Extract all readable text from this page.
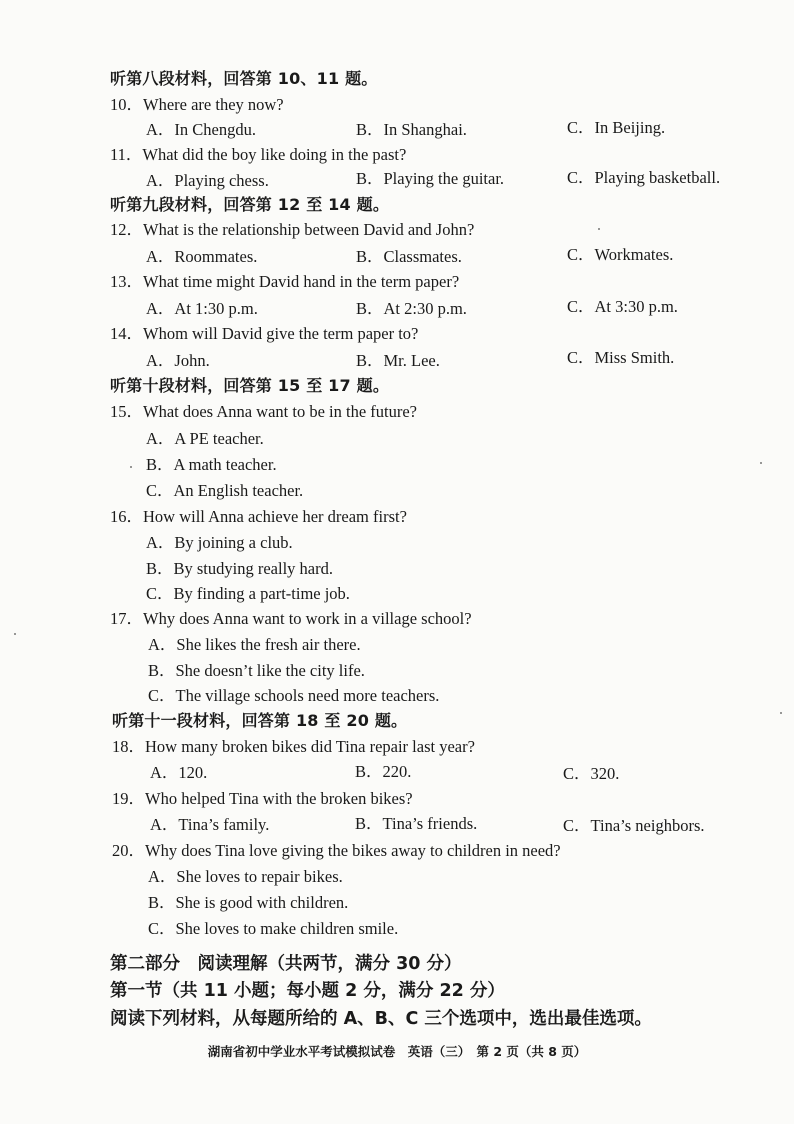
听第八段材料，回答第 10、11 题。
10．Where are they now?
A．In Chengdu.	B．In Shanghai.	C．In Beijing.
11．What did the boy like doing in the past?
A．Playing chess.	B．Playing the guitar.	C．Playing basketball.
听第九段材料，回答第 12 至 14 题。
12．What is the relationship between David and John?
A．Roommates.	B．Classmates.	C．Workmates.
13．What time might David hand in the term paper?
A．At 1:30 p.m.	B．At 2:30 p.m.	C．At 3:30 p.m.
14．Whom will David give the term paper to?
A．John.	B．Mr. Lee.	C．Miss Smith.
听第十段材料，回答第 15 至 17 题。
15．What does Anna want to be in the future?
A．A PE teacher.
B．A math teacher.
C．An English teacher.
16．How will Anna achieve her dream first?
A．By joining a club.
B．By studying really hard.
C．By finding a part-time job.
17．Why does Anna want to work in a village school?
A．She likes the fresh air there.
B．She doesn’t like the city life.
C．The village schools need more teachers.
听第十一段材料，回答第 18 至 20 题。
18．How many broken bikes did Tina repair last year?
A．120.	B．220.	C．320.
19．Who helped Tina with the broken bikes?
A．Tina’s family.	B．Tina’s friends.	C．Tina’s neighbors.
20．Why does Tina love giving the bikes away to children in need?
A．She loves to repair bikes.
B．She is good with children.
C．She loves to make children smile.
第二部分　阅读理解（共两节，满分 30 分）
第一节（共 11 小题；每小题 2 分，满分 22 分）
阅读下列材料，从每题所给的 A、B、C 三个选项中，选出最佳选项。
湖南省初中学业水平考试模拟试卷　英语（三）　第 2 页（共 8 页）
